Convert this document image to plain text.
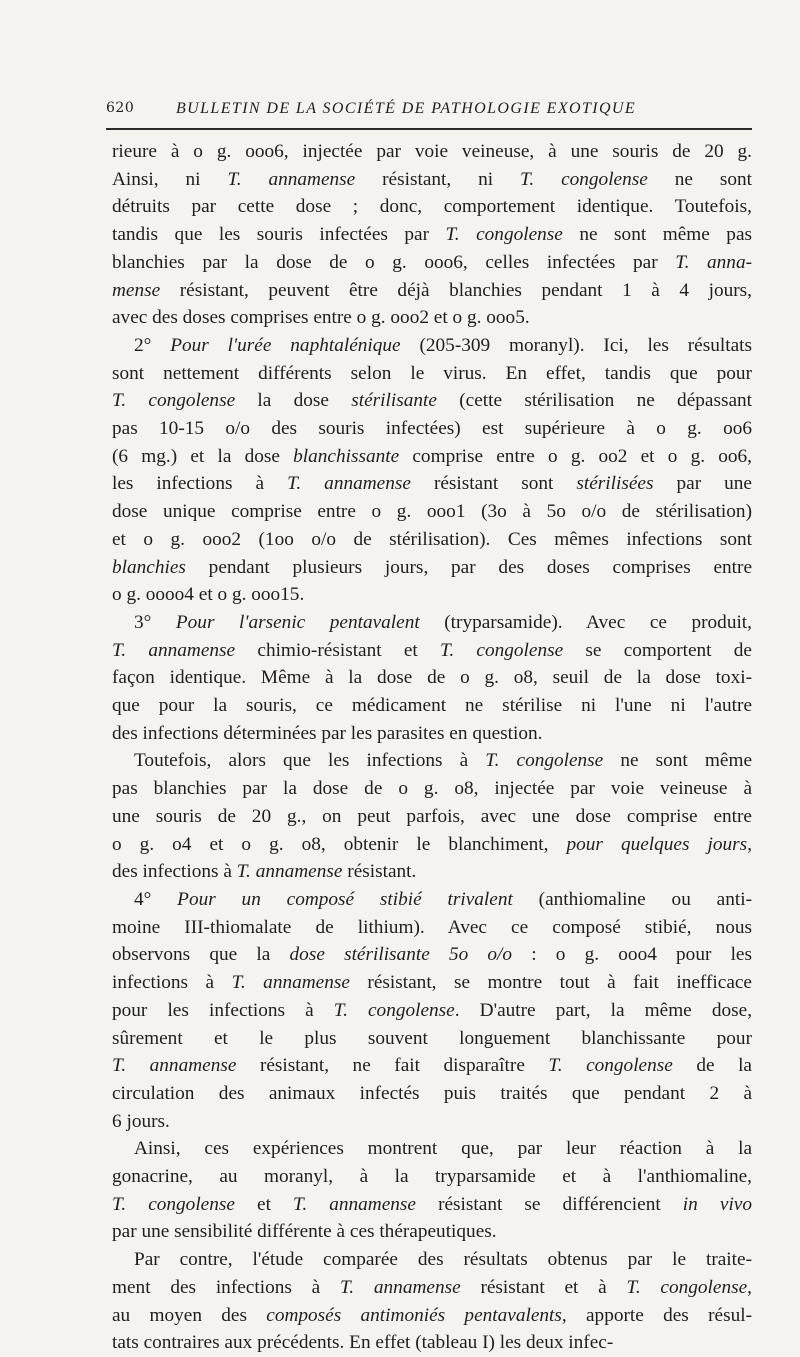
620	BULLETIN DE LA SOCIÉTÉ DE PATHOLOGIE EXOTIQUE
rieure à o g. ooo6, injectée par voie veineuse, à une souris de 20 g.
Ainsi, ni T. annamense résistant, ni T. congolense ne sont
détruits par cette dose ; donc, comportement identique. Toutefois,
tandis que les souris infectées par T. congolense ne sont même pas
blanchies par la dose de o g. ooo6, celles infectées par T. anna-
mense résistant, peuvent être déjà blanchies pendant 1 à 4 jours,
avec des doses comprises entre o g. ooo2 et o g. ooo5.
2° Pour l'urée naphtalénique (205-309 moranyl). Ici, les résultats
sont nettement différents selon le virus. En effet, tandis que pour
T. congolense la dose stérilisante (cette stérilisation ne dépassant
pas 10-15 o/o des souris infectées) est supérieure à o g. oo6
(6 mg.) et la dose blanchissante comprise entre o g. oo2 et o g. oo6,
les infections à T. annamense résistant sont stérilisées par une
dose unique comprise entre o g. ooo1 (3o à 5o o/o de stérilisation)
et o g. ooo2 (1oo o/o de stérilisation). Ces mêmes infections sont
blanchies pendant plusieurs jours, par des doses comprises entre
o g. oooo4 et o g. ooo15.
3° Pour l'arsenic pentavalent (tryparsamide). Avec ce produit,
T. annamense chimio-résistant et T. congolense se comportent de
façon identique. Même à la dose de o g. o8, seuil de la dose toxi-
que pour la souris, ce médicament ne stérilise ni l'une ni l'autre
des infections déterminées par les parasites en question.
Toutefois, alors que les infections à T. congolense ne sont même
pas blanchies par la dose de o g. o8, injectée par voie veineuse à
une souris de 20 g., on peut parfois, avec une dose comprise entre
o g. o4 et o g. o8, obtenir le blanchiment, pour quelques jours,
des infections à T. annamense résistant.
4° Pour un composé stibié trivalent (anthiomaline ou anti-
moine III-thiomalate de lithium). Avec ce composé stibié, nous
observons que la dose stérilisante 5o o/o : o g. ooo4 pour les
infections à T. annamense résistant, se montre tout à fait inefficace
pour les infections à T. congolense. D'autre part, la même dose,
sûrement et le plus souvent longuement blanchissante pour
T. annamense résistant, ne fait disparaître T. congolense de la
circulation des animaux infectés puis traités que pendant 2 à
6 jours.
Ainsi, ces expériences montrent que, par leur réaction à la
gonacrine, au moranyl, à la tryparsamide et à l'anthiomaline,
T. congolense et T. annamense résistant se différencient in vivo
par une sensibilité différente à ces thérapeutiques.
Par contre, l'étude comparée des résultats obtenus par le traite-
ment des infections à T. annamense résistant et à T. congolense,
au moyen des composés antimoniés pentavalents, apporte des résul-
tats contraires aux précédents. En effet (tableau I) les deux infec-
